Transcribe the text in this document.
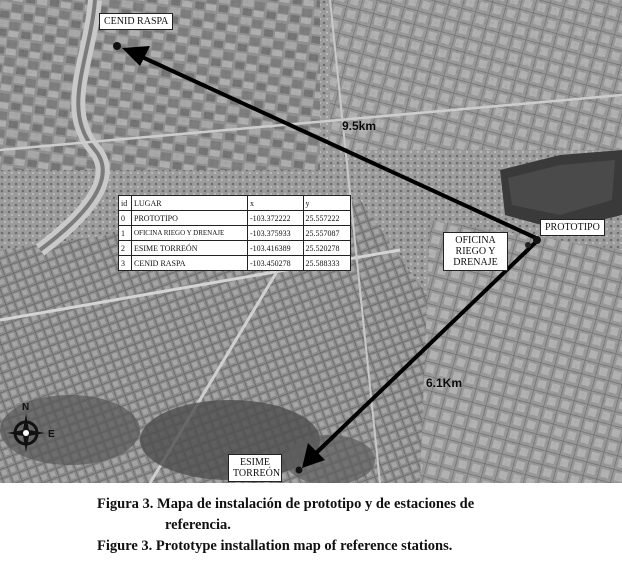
CENID RASPA
PROTOTIPO
OFICINA RIEGO Y DRENAJE
ESIME TORREÓN
9.5km
6.1Km
id	LUGAR	x	y
0	PROTOTIPO	-103.372222	25.557222
1	OFICINA RIEGO Y DRENAJE	-103.375933	25.557087
2	ESIME TORREÓN	-103.416389	25.520278
3	CENID RASPA	-103.450278	25.588333
N
E
Figura 3. Mapa de instalación de prototipo y de estaciones de
referencia.
Figure 3. Prototype installation map of reference stations.
